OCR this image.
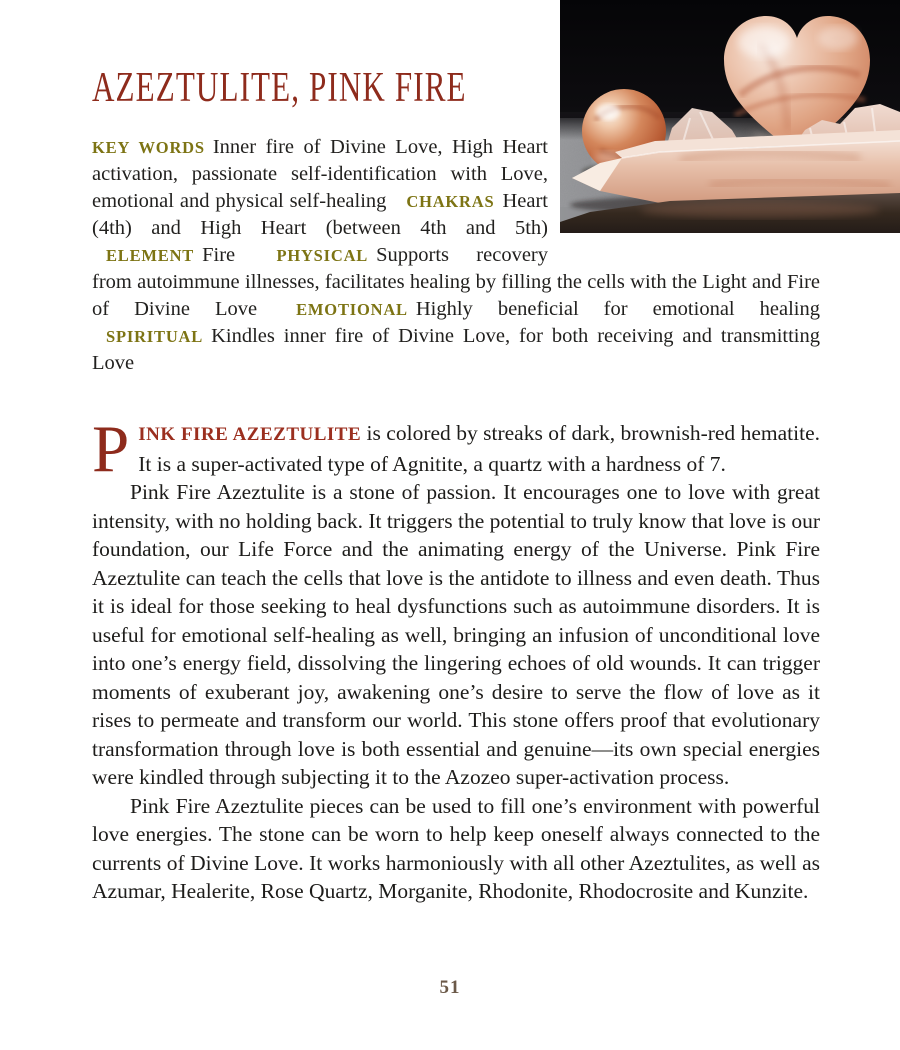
AZEZTULITE, PINK FIRE
KEY WORDS Inner fire of Divine Love, High Heart activation, passionate self-identification with Love, emotional and physical self-healing CHAKRAS Heart (4th) and High Heart (between 4th and 5th) ELEMENT Fire	PHYSICAL Supports recovery from autoimmune illnesses, facilitates healing by filling the cells with the Light and Fire of Divine Love EMOTIONAL Highly beneficial for emotional healing SPIRITUAL Kindles inner fire of Divine Love, for both receiving and transmitting Love

PINK FIRE AZEZTULITE is colored by streaks of dark, brownish-red hematite. It is a super-activated type of Agnitite, a quartz with a hardness of 7.

Pink Fire Azeztulite is a stone of passion. It encourages one to love with great intensity, with no holding back. It triggers the potential to truly know that love is our foundation, our Life Force and the animating energy of the Universe. Pink Fire Azeztulite can teach the cells that love is the antidote to illness and even death. Thus it is ideal for those seeking to heal dysfunctions such as autoimmune disorders. It is useful for emotional self-healing as well, bringing an infusion of unconditional love into one’s energy field, dissolving the lingering echoes of old wounds. It can trigger moments of exuberant joy, awakening one’s desire to serve the flow of love as it rises to permeate and transform our world. This stone offers proof that evolutionary transformation through love is both essential and genuine—its own special energies were kindled through subjecting it to the Azozeo super-activation process.

Pink Fire Azeztulite pieces can be used to fill one’s environment with powerful love energies. The stone can be worn to help keep oneself always connected to the currents of Divine Love. It works harmoniously with all other Azeztulites, as well as Azumar, Healerite, Rose Quartz, Morganite, Rhodonite, Rhodocrosite and Kunzite.

51
